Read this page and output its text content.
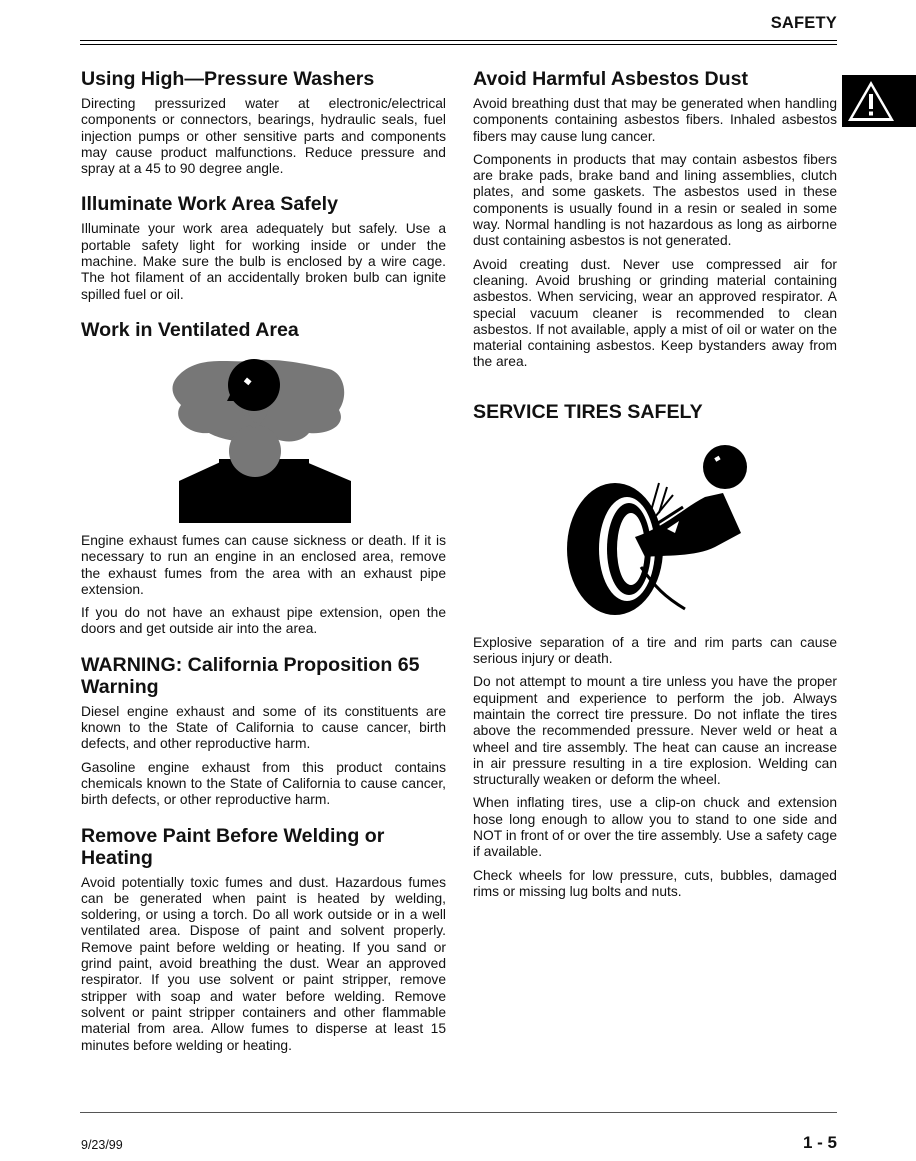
SAFETY
Using High—Pressure Washers

Directing pressurized water at electronic/electrical components or connectors, bearings, hydraulic seals, fuel injection pumps or other sensitive parts and components may cause product malfunctions. Reduce pressure and spray at a 45 to 90 degree angle.

Illuminate Work Area Safely

Illuminate your work area adequately but safely. Use a portable safety light for working inside or under the machine. Make sure the bulb is enclosed by a wire cage. The hot filament of an accidentally broken bulb can ignite spilled fuel or oil.

Work in Ventilated Area

Engine exhaust fumes can cause sickness or death. If it is necessary to run an engine in an enclosed area, remove the exhaust fumes from the area with an exhaust pipe extension.

If you do not have an exhaust pipe extension, open the doors and get outside air into the area.

WARNING: California Proposition 65 Warning

Diesel engine exhaust and some of its constituents are known to the State of California to cause cancer, birth defects, and other reproductive harm.

Gasoline engine exhaust from this product contains chemicals known to the State of California to cause cancer, birth defects, or other reproductive harm.

Remove Paint Before Welding or Heating

Avoid potentially toxic fumes and dust. Hazardous fumes can be generated when paint is heated by welding, soldering, or using a torch. Do all work outside or in a well ventilated area. Dispose of paint and solvent properly. Remove paint before welding or heating. If you sand or grind paint, avoid breathing the dust. Wear an approved respirator. If you use solvent or paint stripper, remove stripper with soap and water before welding. Remove solvent or paint stripper containers and other flammable material from area. Allow fumes to disperse at least 15 minutes before welding or heating.

Avoid Harmful Asbestos Dust

Avoid breathing dust that may be generated when handling components containing asbestos fibers. Inhaled asbestos fibers may cause lung cancer.

Components in products that may contain asbestos fibers are brake pads, brake band and lining assemblies, clutch plates, and some gaskets. The asbestos used in these components is usually found in a resin or sealed in some way. Normal handling is not hazardous as long as airborne dust containing asbestos is not generated.

Avoid creating dust. Never use compressed air for cleaning. Avoid brushing or grinding material containing asbestos. When servicing, wear an approved respirator. A special vacuum cleaner is recommended to clean asbestos. If not available, apply a mist of oil or water on the material containing asbestos. Keep bystanders away from the area.

SERVICE TIRES SAFELY

Explosive separation of a tire and rim parts can cause serious injury or death.

Do not attempt to mount a tire unless you have the proper equipment and experience to perform the job. Always maintain the correct tire pressure. Do not inflate the tires above the recommended pressure. Never weld or heat a wheel and tire assembly. The heat can cause an increase in air pressure resulting in a tire explosion. Welding can structurally weaken or deform the wheel.

When inflating tires, use a clip-on chuck and extension hose long enough to allow you to stand to one side and NOT in front of or over the tire assembly. Use a safety cage if available.

Check wheels for low pressure, cuts, bubbles, damaged rims or missing lug bolts and nuts.

9/23/99	1 - 5
